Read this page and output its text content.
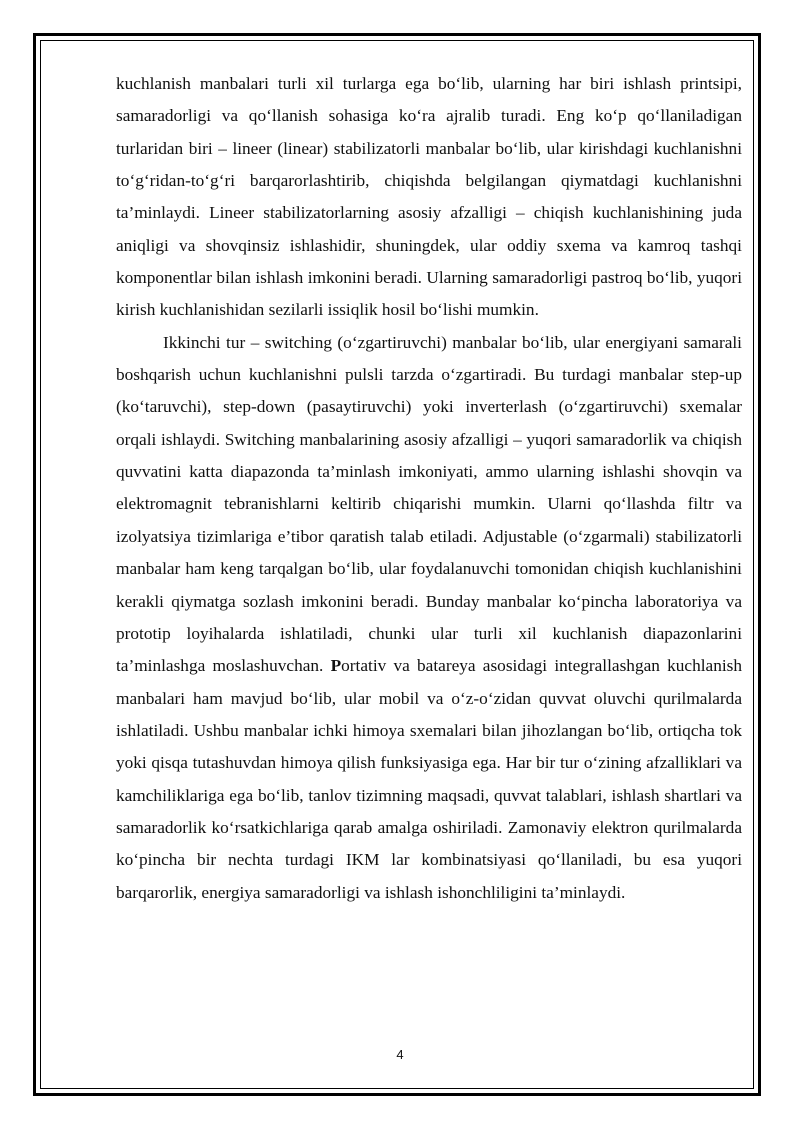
kuchlanish manbalari turli xil turlarga ega bo‘lib, ularning har biri ishlash printsipi, samaradorligi va qo‘llanish sohasiga ko‘ra ajralib turadi. Eng ko‘p qo‘llaniladigan turlaridan biri – lineer (linear) stabilizatorli manbalar bo‘lib, ular kirishdagi kuchlanishni to‘g‘ridan-to‘g‘ri barqarorlashtirib, chiqishda belgilangan qiymatdagi kuchlanishni ta’minlaydi. Lineer stabilizatorlarning asosiy afzalligi – chiqish kuchlanishining juda aniqligi va shovqinsiz ishlashidir, shuningdek, ular oddiy sxema va kamroq tashqi komponentlar bilan ishlash imkonini beradi. Ularning samaradorligi pastroq bo‘lib, yuqori kirish kuchlanishidan sezilarli issiqlik hosil bo‘lishi mumkin.

Ikkinchi tur – switching (o‘zgartiruvchi) manbalar bo‘lib, ular energiyani samarali boshqarish uchun kuchlanishni pulsli tarzda o‘zgartiradi. Bu turdagi manbalar step-up (ko‘taruvchi), step-down (pasaytiruvchi) yoki inverterlash (o‘zgartiruvchi) sxemalar orqali ishlaydi. Switching manbalarining asosiy afzalligi – yuqori samaradorlik va chiqish quvvatini katta diapazonda ta’minlash imkoniyati, ammo ularning ishlashi shovqin va elektromagnit tebranishlarni keltirib chiqarishi mumkin. Ularni qo‘llashda filtr va izolyatsiya tizimlariga e’tibor qaratish talab etiladi. Adjustable (o‘zgarmali) stabilizatorli manbalar ham keng tarqalgan bo‘lib, ular foydalanuvchi tomonidan chiqish kuchlanishini kerakli qiymatga sozlash imkonini beradi. Bunday manbalar ko‘pincha laboratoriya va prototip loyihalarda ishlatiladi, chunki ular turli xil kuchlanish diapazonlarini ta’minlashga moslashuvchan. Portativ va batareya asosidagi integrallashgan kuchlanish manbalari ham mavjud bo‘lib, ular mobil va o‘z-o‘zidan quvvat oluvchi qurilmalarda ishlatiladi. Ushbu manbalar ichki himoya sxemalari bilan jihozlangan bo‘lib, ortiqcha tok yoki qisqa tutashuvdan himoya qilish funksiyasiga ega. Har bir tur o‘zining afzalliklari va kamchiliklariga ega bo‘lib, tanlov tizimning maqsadi, quvvat talablari, ishlash shartlari va samaradorlik ko‘rsatkichlariga qarab amalga oshiriladi. Zamonaviy elektron qurilmalarda ko‘pincha bir nechta turdagi IKM lar kombinatsiyasi qo‘llaniladi, bu esa yuqori barqarorlik, energiya samaradorligi va ishlash ishonchliligini ta’minlaydi.

4
